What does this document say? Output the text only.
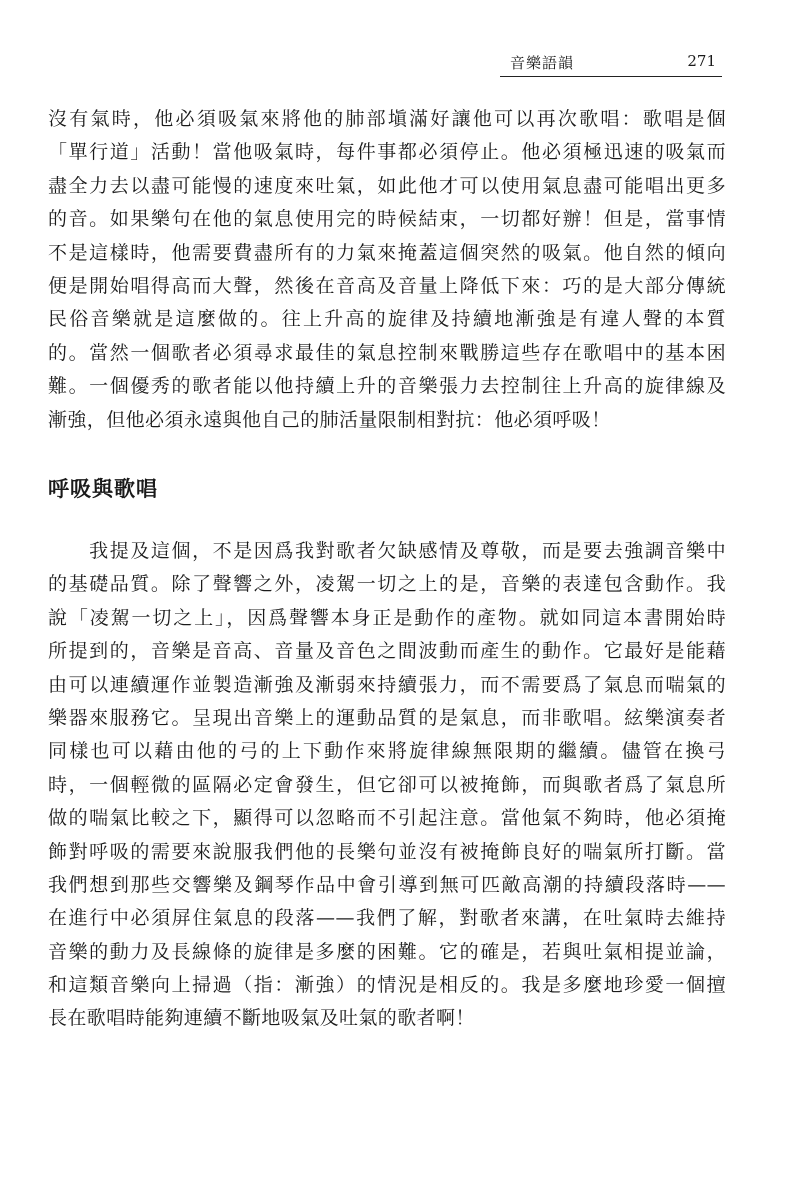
音樂語韻	271
沒有氣時，他必須吸氣來將他的肺部塡滿好讓他可以再次歌唱：歌唱是個
「單行道」活動！當他吸氣時，每件事都必須停止。他必須極迅速的吸氣而
盡全力去以盡可能慢的速度來吐氣，如此他才可以使用氣息盡可能唱出更多
的音。如果樂句在他的氣息使用完的時候結束，一切都好辦！但是，當事情
不是這樣時，他需要費盡所有的力氣來掩蓋這個突然的吸氣。他自然的傾向
便是開始唱得高而大聲，然後在音高及音量上降低下來：巧的是大部分傳統
民俗音樂就是這麼做的。往上升高的旋律及持續地漸強是有違人聲的本質
的。當然一個歌者必須尋求最佳的氣息控制來戰勝這些存在歌唱中的基本困
難。一個優秀的歌者能以他持續上升的音樂張力去控制往上升高的旋律線及
漸強，但他必須永遠與他自己的肺活量限制相對抗：他必須呼吸！
呼吸與歌唱
　　我提及這個，不是因爲我對歌者欠缺感情及尊敬，而是要去強調音樂中
的基礎品質。除了聲響之外，凌駕一切之上的是，音樂的表達包含動作。我
說「凌駕一切之上」，因爲聲響本身正是動作的產物。就如同這本書開始時
所提到的，音樂是音高、音量及音色之間波動而產生的動作。它最好是能藉
由可以連續運作並製造漸強及漸弱來持續張力，而不需要爲了氣息而喘氣的
樂器來服務它。呈現出音樂上的運動品質的是氣息，而非歌唱。絃樂演奏者
同樣也可以藉由他的弓的上下動作來將旋律線無限期的繼續。儘管在換弓
時，一個輕微的區隔必定會發生，但它卻可以被掩飾，而與歌者爲了氣息所
做的喘氣比較之下，顯得可以忽略而不引起注意。當他氣不夠時，他必須掩
飾對呼吸的需要來說服我們他的長樂句並沒有被掩飾良好的喘氣所打斷。當
我們想到那些交響樂及鋼琴作品中會引導到無可匹敵高潮的持續段落時——
在進行中必須屏住氣息的段落——我們了解，對歌者來講，在吐氣時去維持
音樂的動力及長線條的旋律是多麼的困難。它的確是，若與吐氣相提並論，
和這類音樂向上掃過（指：漸強）的情況是相反的。我是多麼地珍愛一個擅
長在歌唱時能夠連續不斷地吸氣及吐氣的歌者啊！
